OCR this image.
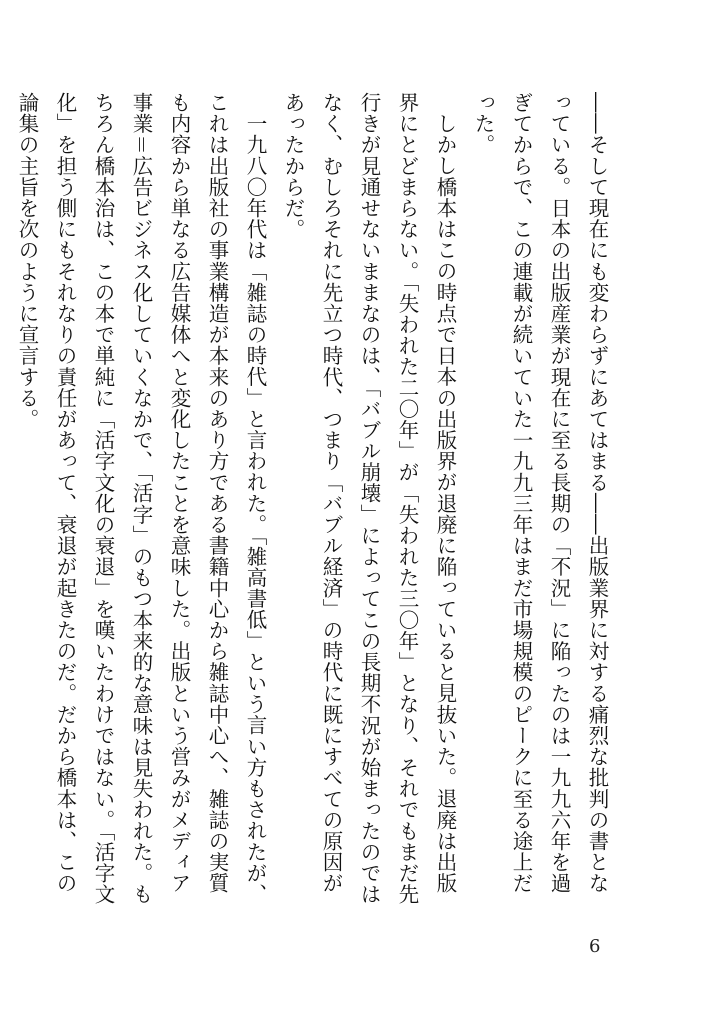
――そして現在にも変わらずにあてはまる――出版業界に対する痛烈な批判の書となっている。日本の出版産業が現在に至る長期の「不況」に陥ったのは一九九六年を過ぎてからで、この連載が続いていた一九九三年はまだ市場規模のピークに至る途上だった。

しかし橋本はこの時点で日本の出版界が退廃に陥っていると見抜いた。退廃は出版界にとどまらない。「失われた二〇年」が「失われた三〇年」となり、それでもまだ先行きが見通せないままなのは、「バブル崩壊」によってこの長期不況が始まったのではなく、むしろそれに先立つ時代、つまり「バブル経済」の時代に既にすべての原因があったからだ。

一九八〇年代は「雑誌の時代」と言われた。「雑高書低」という言い方もされたが、これは出版社の事業構造が本来のあり方である書籍中心から雑誌中心へ、雑誌の実質も内容から単なる広告媒体へと変化したことを意味した。出版という営みがメディア事業＝広告ビジネス化していくなかで、「活字」のもつ本来的な意味は見失われた。もちろん橋本治は、この本で単純に「活字文化の衰退」を嘆いたわけではない。「活字文化」を担う側にもそれなりの責任があって、衰退が起きたのだ。だから橋本は、この論集の主旨を次のように宣言する。

6
